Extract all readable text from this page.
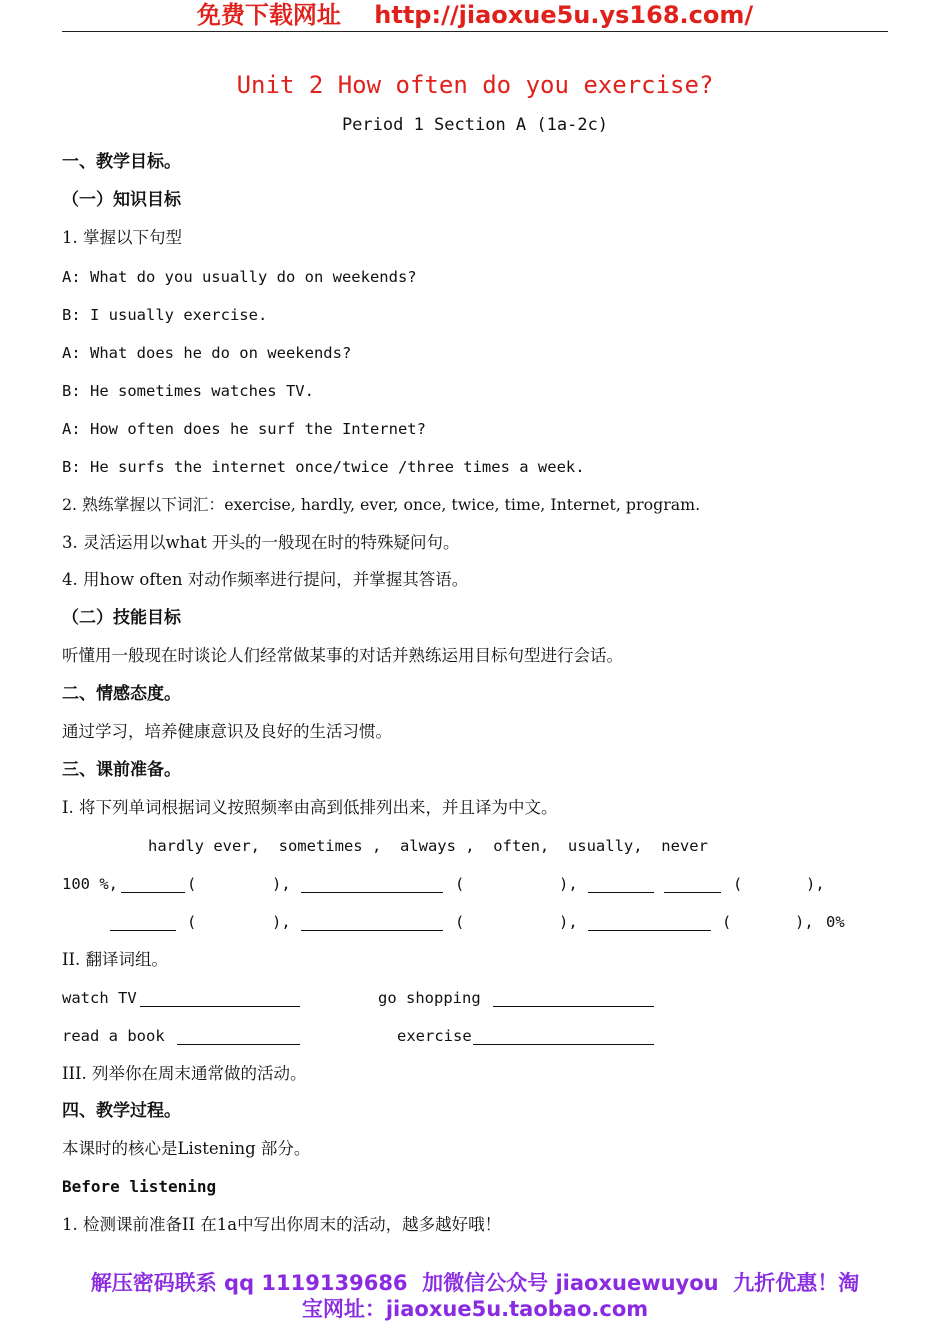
免费下载网址    http://jiaoxue5u.ys168.com/
Unit 2 How often do you exercise?
Period 1 Section A (1a-2c)
一、教学目标。
（一）知识目标
1. 掌握以下句型
A: What do you usually do on weekends?
B: I usually exercise.
A: What does he do on weekends?
B: He sometimes watches TV.
A: How often does he surf the Internet?
B: He surfs the internet once/twice /three times a week.
2. 熟练掌握以下词汇：exercise, hardly, ever, once, twice, time, Internet, program.
3. 灵活运用以what 开头的一般现在时的特殊疑问句。
4. 用how often 对动作频率进行提问，并掌握其答语。
（二）技能目标
听懂用一般现在时谈论人们经常做某事的对话并熟练运用目标句型进行会话。
二、情感态度。
通过学习，培养健康意识及良好的生活习惯。
三、课前准备。
I. 将下列单词根据词义按照频率由高到低排列出来，并且译为中文。
hardly ever,  sometimes ,  always ,  often,  usually,  never
100 %,	(	),	(	),	(	),
(	),	(	),	(	), 0%
II. 翻译词组。
watch TV	go shopping
read a book	exercise
III. 列举你在周末通常做的活动。
四、教学过程。
本课时的核心是Listening 部分。
Before listening
1. 检测课前准备II 在1a中写出你周末的活动，越多越好哦！
解压密码联系 qq 1119139686  加微信公众号 jiaoxuewuyou  九折优惠！淘
宝网址：jiaoxue5u.taobao.com
